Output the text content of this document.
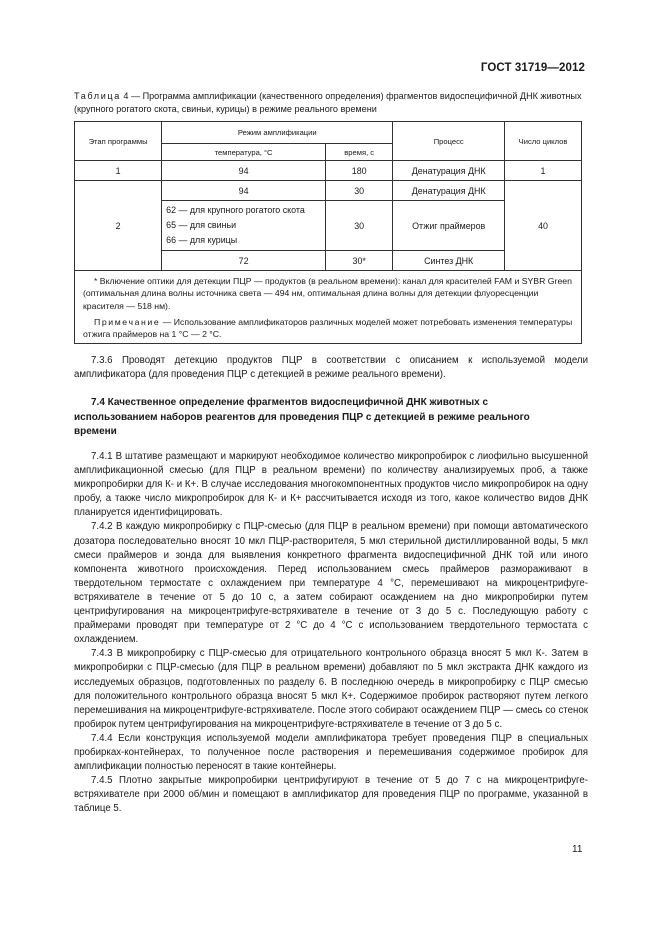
ГОСТ 31719—2012
Таблица 4 — Программа амплификации (качественного определения) фрагментов видоспецифичной ДНК животных (крупного рогатого скота, свиньи, курицы) в режиме реального времени
Этап программы	Режим амплификации		Процесс	Число циклов
	температура, °С	время, с		
1	94	180	Денатурация ДНК	1
2	94	30	Денатурация ДНК	40

	62 — для крупного рогатого скота
65 — для свиньи
66 — для курицы	30	Отжиг праймеров	
	72	30*	Синтез ДНК	

* Включение оптики для детекции ПЦР — продуктов (в реальном времени): канал для красителей FAM и SYBR Green (оптимальная длина волны источника света — 494 нм, оптимальная длина волны для детекции флуоресценции красителя — 518 нм).

Примечание — Использование амплификаторов различных моделей может потребовать изменения температуры отжига праймеров на 1 °С — 2 °С.				

7.3.6 Проводят детекцию продуктов ПЦР в соответствии с описанием к используемой модели амплификатора (для проведения ПЦР с детекцией в режиме реального времени).

7.4 Качественное определение фрагментов видоспецифичной ДНК животных с использованием наборов реагентов для проведения ПЦР с детекцией в режиме реального времени

7.4.1 В штативе размещают и маркируют необходимое количество микропробирок с лиофильно высушенной амплификационной смесью (для ПЦР в реальном времени) по количеству анализируемых проб, а также микропробирки для К- и К+. В случае исследования многокомпонентных продуктов число микропробирок на одну пробу, а также число микропробирок для К- и К+ рассчитывается исходя из того, какое количество видов ДНК планируется идентифицировать.

7.4.2 В каждую микропробирку с ПЦР-смесью (для ПЦР в реальном времени) при помощи автоматического дозатора последовательно вносят 10 мкл ПЦР-растворителя, 5 мкл стерильной дистиллированной воды, 5 мкл смеси праймеров и зонда для выявления конкретного фрагмента видоспецифичной ДНК той или иного компонента животного происхождения. Перед использованием смесь праймеров размораживают в твердотельном термостате с охлаждением при температуре 4 °С, перемешивают на микроцентрифуге-встряхивателе в течение от 5 до 10 с, а затем собирают осаждением на дно микропробирки путем центрифугирования на микроцентрифуге-встряхивателе в течение от 3 до 5 с. Последующую работу с праймерами проводят при температуре от 2 °С до 4 °С с использованием твердотельного термостата с охлаждением.

7.4.3 В микропробирку с ПЦР-смесью для отрицательного контрольного образца вносят 5 мкл К-. Затем в микропробирки с ПЦР-смесью (для ПЦР в реальном времени) добавляют по 5 мкл экстракта ДНК каждого из исследуемых образцов, подготовленных по разделу 6. В последнюю очередь в микропробирку с ПЦР смесью для положительного контрольного образца вносят 5 мкл К+. Содержимое пробирок растворяют путем легкого перемешивания на микроцентрифуге-встряхивателе. После этого собирают осаждением ПЦР — смесь со стенок пробирок путем центрифугирования на микроцентрифуге-встряхивателе в течение от 3 до 5 с.

7.4.4 Если конструкция используемой модели амплификатора требует проведения ПЦР в специальных пробирках-контейнерах, то полученное после растворения и перемешивания содержимое пробирок для амплификации полностью переносят в такие контейнеры.

7.4.5 Плотно закрытые микропробирки центрифугируют в течение от 5 до 7 с на микроцентрифуге-встряхивателе при 2000 об/мин и помещают в амплификатор для проведения ПЦР по программе, указанной в таблице 5.

11
